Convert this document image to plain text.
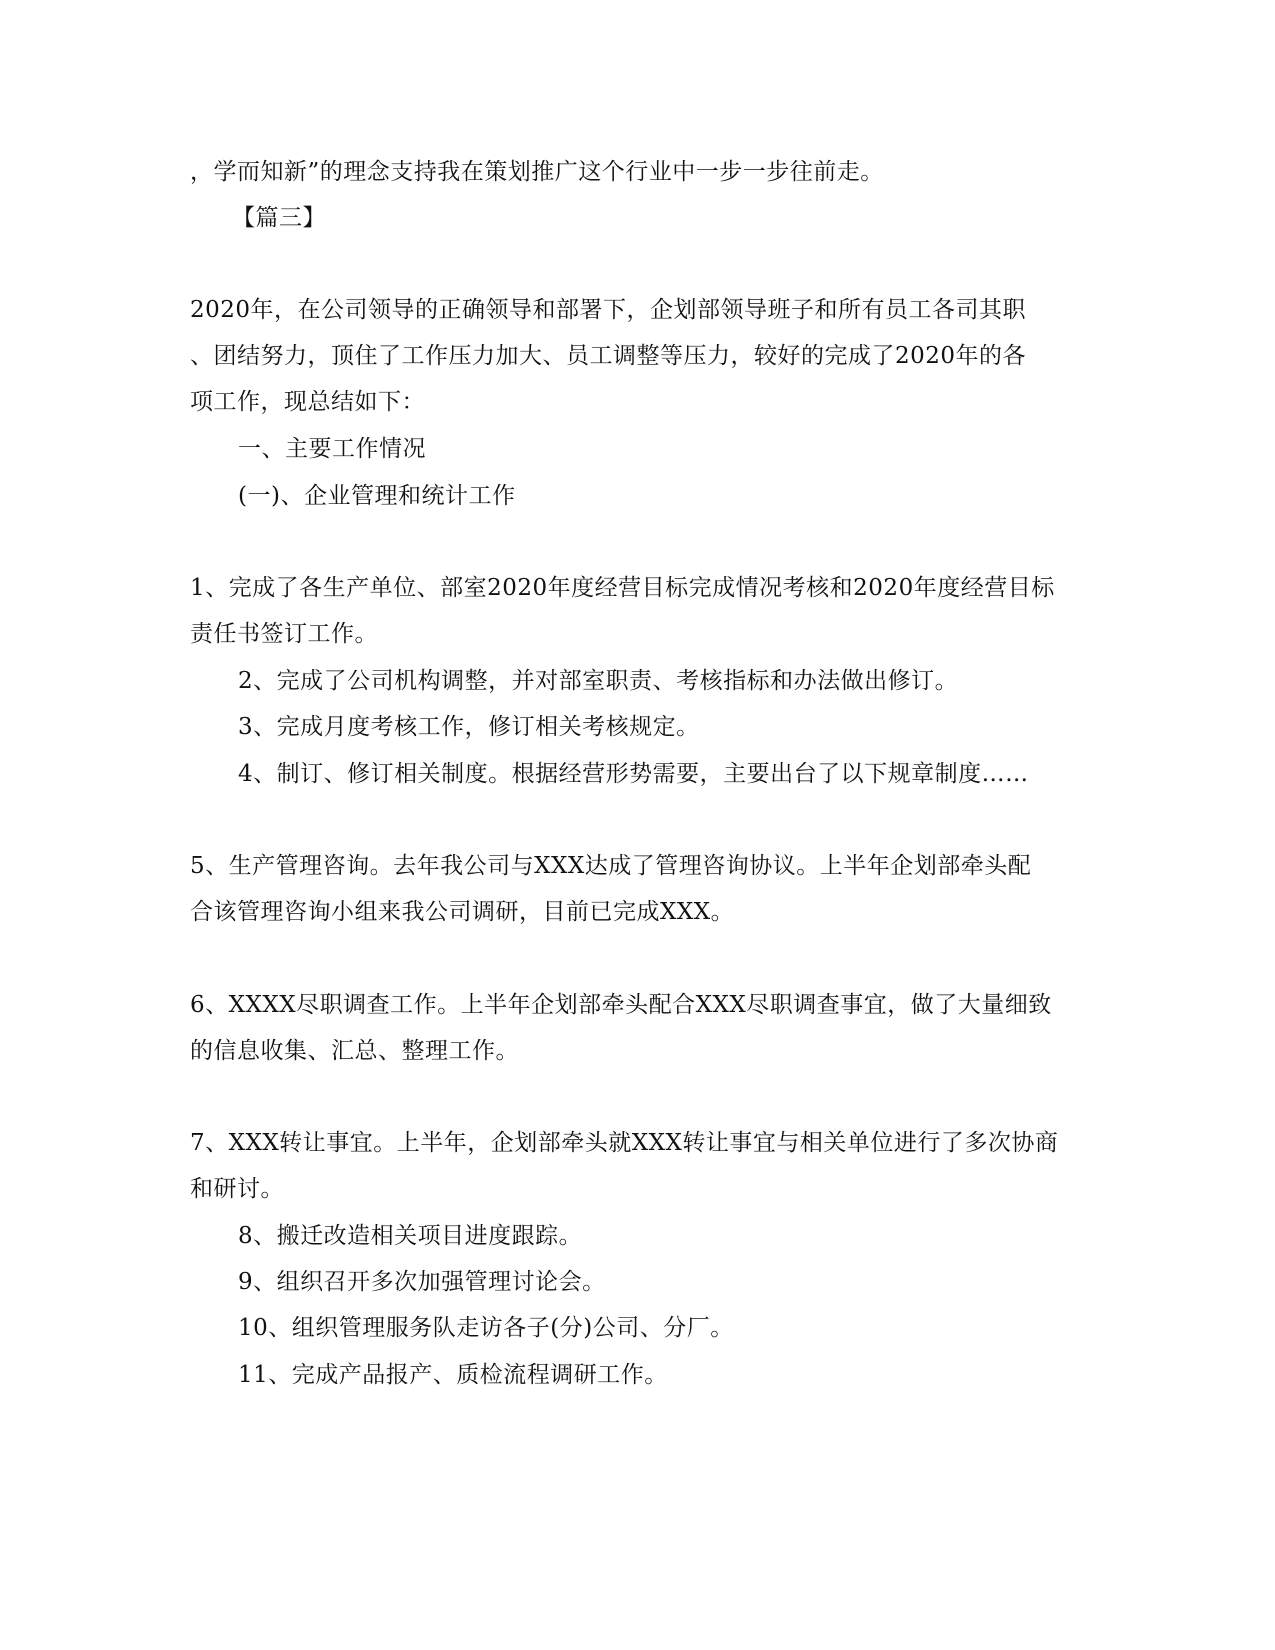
，学而知新”的理念支持我在策划推广这个行业中一步一步往前走。
【篇三】
2020年，在公司领导的正确领导和部署下，企划部领导班子和所有员工各司其职
、团结努力，顶住了工作压力加大、员工调整等压力，较好的完成了2020年的各
项工作，现总结如下：
一、主要工作情况
(一)、企业管理和统计工作
1、完成了各生产单位、部室2020年度经营目标完成情况考核和2020年度经营目标
责任书签订工作。
2、完成了公司机构调整，并对部室职责、考核指标和办法做出修订。
3、完成月度考核工作，修订相关考核规定。
4、制订、修订相关制度。根据经营形势需要，主要出台了以下规章制度……
5、生产管理咨询。去年我公司与XXX达成了管理咨询协议。上半年企划部牵头配
合该管理咨询小组来我公司调研，目前已完成XXX。
6、XXXX尽职调查工作。上半年企划部牵头配合XXX尽职调查事宜，做了大量细致
的信息收集、汇总、整理工作。
7、XXX转让事宜。上半年，企划部牵头就XXX转让事宜与相关单位进行了多次协商
和研讨。
8、搬迁改造相关项目进度跟踪。
9、组织召开多次加强管理讨论会。
10、组织管理服务队走访各子(分)公司、分厂。
11、完成产品报产、质检流程调研工作。
